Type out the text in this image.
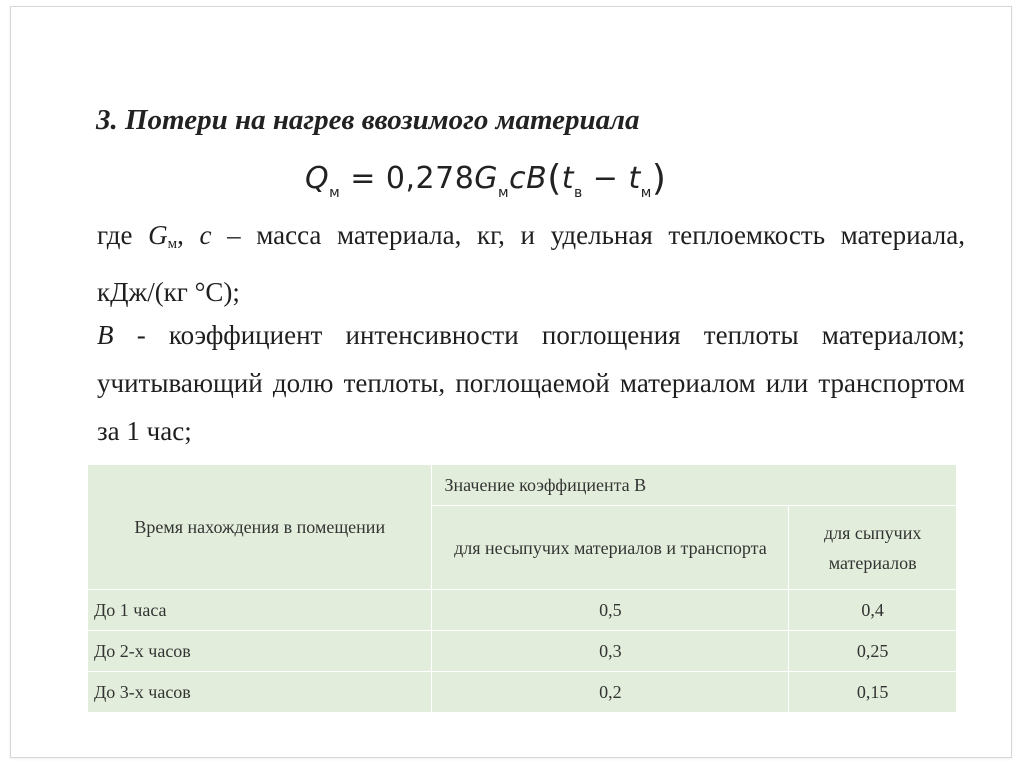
3. Потери на нагрев ввозимого материала
$Q_м = 0,278G_мcB(t_в - t_м)$
где $G_м$, c – масса материала, кг, и удельная теплоемкость материала, кДж/(кг °С);
B - коэффициент интенсивности поглощения теплоты материалом; учитывающий долю теплоты, поглощаемой материалом или транспортом за 1 час;
Время нахождения в помещении	Значение коэффициента В	
	для несыпучих материалов и транспорта	для сыпучих материалов
До 1 часа	0,5	0,4
До 2-х часов	0,3	0,25
До 3-х часов	0,2	0,15
